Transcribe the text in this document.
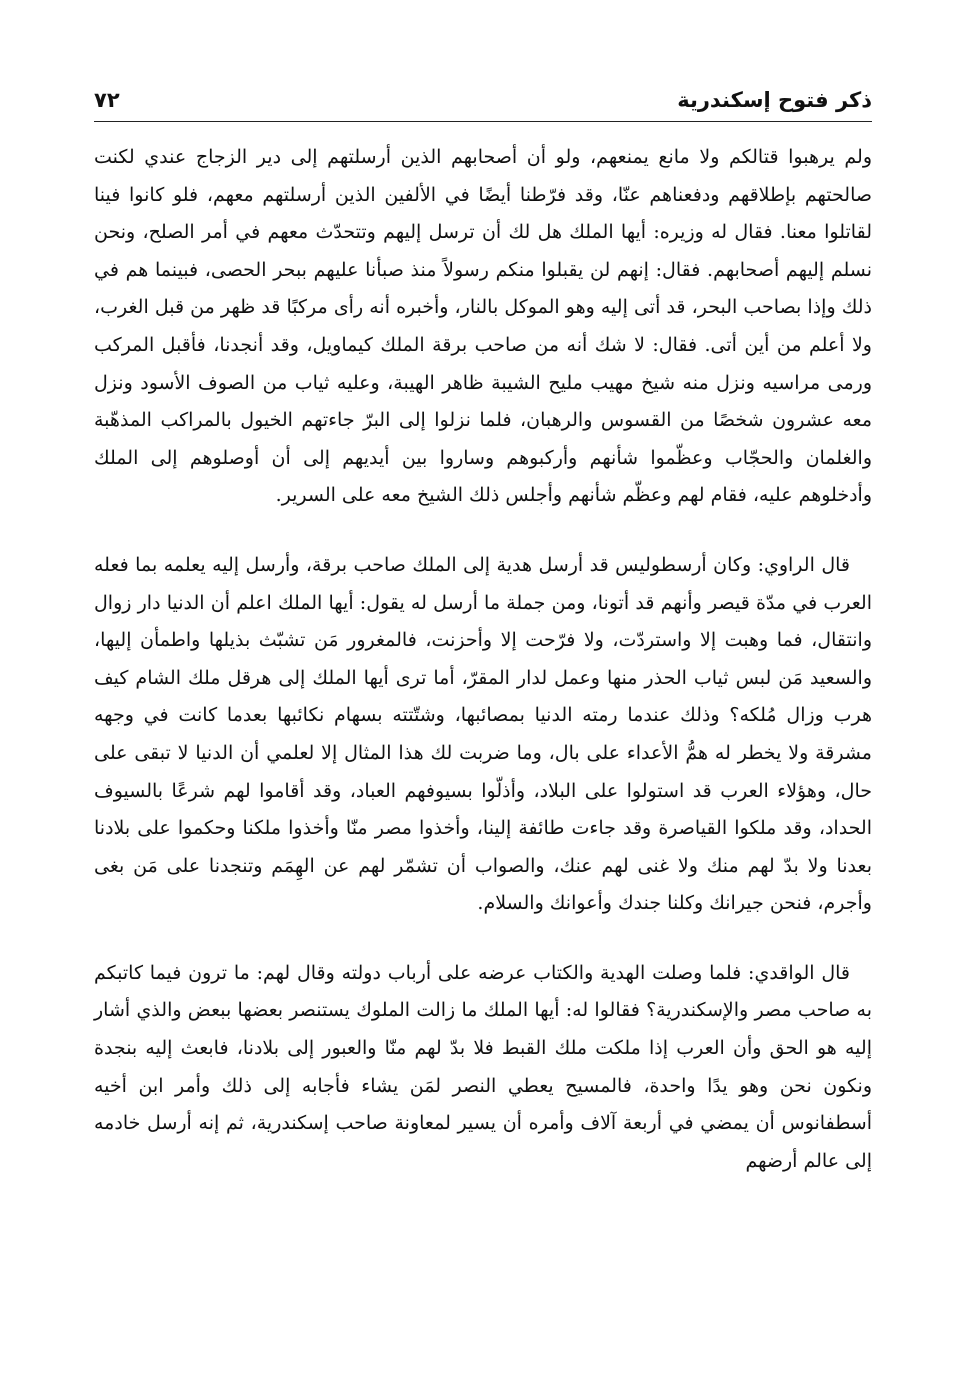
ذكر فتوح إسكندرية
٧٢

ولم يرهبوا قتالكم ولا مانع يمنعهم، ولو أن أصحابهم الذين أرسلتهم إلى دير الزجاج عندي لكنت صالحتهم بإطلاقهم ودفعناهم عنّا، وقد فرّطنا أيضًا في الألفين الذين أرسلتهم معهم، فلو كانوا فينا لقاتلوا معنا. فقال له وزيره: أيها الملك هل لك أن ترسل إليهم وتتحدّث معهم في أمر الصلح، ونحن نسلم إليهم أصحابهم. فقال: إنهم لن يقبلوا منكم رسولاً منذ صبأنا عليهم ببحر الحصى، فبينما هم في ذلك وإذا بصاحب البحر، قد أتى إليه وهو الموكل بالنار، وأخبره أنه رأى مركبًا قد ظهر من قبل الغرب، ولا أعلم من أين أتى. فقال: لا شك أنه من صاحب برقة الملك كيماويل، وقد أنجدنا، فأقبل المركب ورمى مراسيه ونزل منه شيخ مهيب مليح الشيبة ظاهر الهيبة، وعليه ثياب من الصوف الأسود ونزل معه عشرون شخصًا من القسوس والرهبان، فلما نزلوا إلى البرّ جاءتهم الخيول بالمراكب المذهّبة والغلمان والحجّاب وعظّموا شأنهم وأركبوهم وساروا بين أيديهم إلى أن أوصلوهم إلى الملك وأدخلوهم عليه، فقام لهم وعظّم شأنهم وأجلس ذلك الشيخ معه على السرير.

قال الراوي: وكان أرسطوليس قد أرسل هدية إلى الملك صاحب برقة، وأرسل إليه يعلمه بما فعله العرب في مدّة قيصر وأنهم قد أتونا، ومن جملة ما أرسل له يقول: أيها الملك اعلم أن الدنيا دار زوال وانتقال، فما وهبت إلا واستردّت، ولا فرّحت إلا وأحزنت، فالمغرور مَن تشبّث بذيلها واطمأن إليها، والسعيد مَن لبس ثياب الحذر منها وعمل لدار المقرّ، أما ترى أيها الملك إلى هرقل ملك الشام كيف هرب وزال مُلكه؟ وذلك عندما رمته الدنيا بمصائبها، وشتّتته بسهام نكائبها بعدما كانت في وجهه مشرقة ولا يخطر له همُّ الأعداء على بال، وما ضربت لك هذا المثال إلا لعلمي أن الدنيا لا تبقى على حال، وهؤلاء العرب قد استولوا على البلاد، وأذلّوا بسيوفهم العباد، وقد أقاموا لهم شرعًا بالسيوف الحداد، وقد ملكوا القياصرة وقد جاءت طائفة إلينا، وأخذوا مصر منّا وأخذوا ملكنا وحكموا على بلادنا بعدنا ولا بدّ لهم منك ولا غنى لهم عنك، والصواب أن تشمّر لهم عن الهِمَم وتنجدنا على مَن بغى وأجرم، فنحن جيرانك وكلنا جندك وأعوانك والسلام.

قال الواقدي: فلما وصلت الهدية والكتاب عرضه على أرباب دولته وقال لهم: ما ترون فيما كاتبكم به صاحب مصر والإسكندرية؟ فقالوا له: أيها الملك ما زالت الملوك يستنصر بعضها ببعض والذي أشار إليه هو الحق وأن العرب إذا ملكت ملك القبط فلا بدّ لهم منّا والعبور إلى بلادنا، فابعث إليه بنجدة ونكون نحن وهو يدًا واحدة، فالمسيح يعطي النصر لمَن يشاء فأجابه إلى ذلك وأمر ابن أخيه أسطفانوس أن يمضي في أربعة آلاف وأمره أن يسير لمعاونة صاحب إسكندرية، ثم إنه أرسل خادمه إلى عالم أرضهم
